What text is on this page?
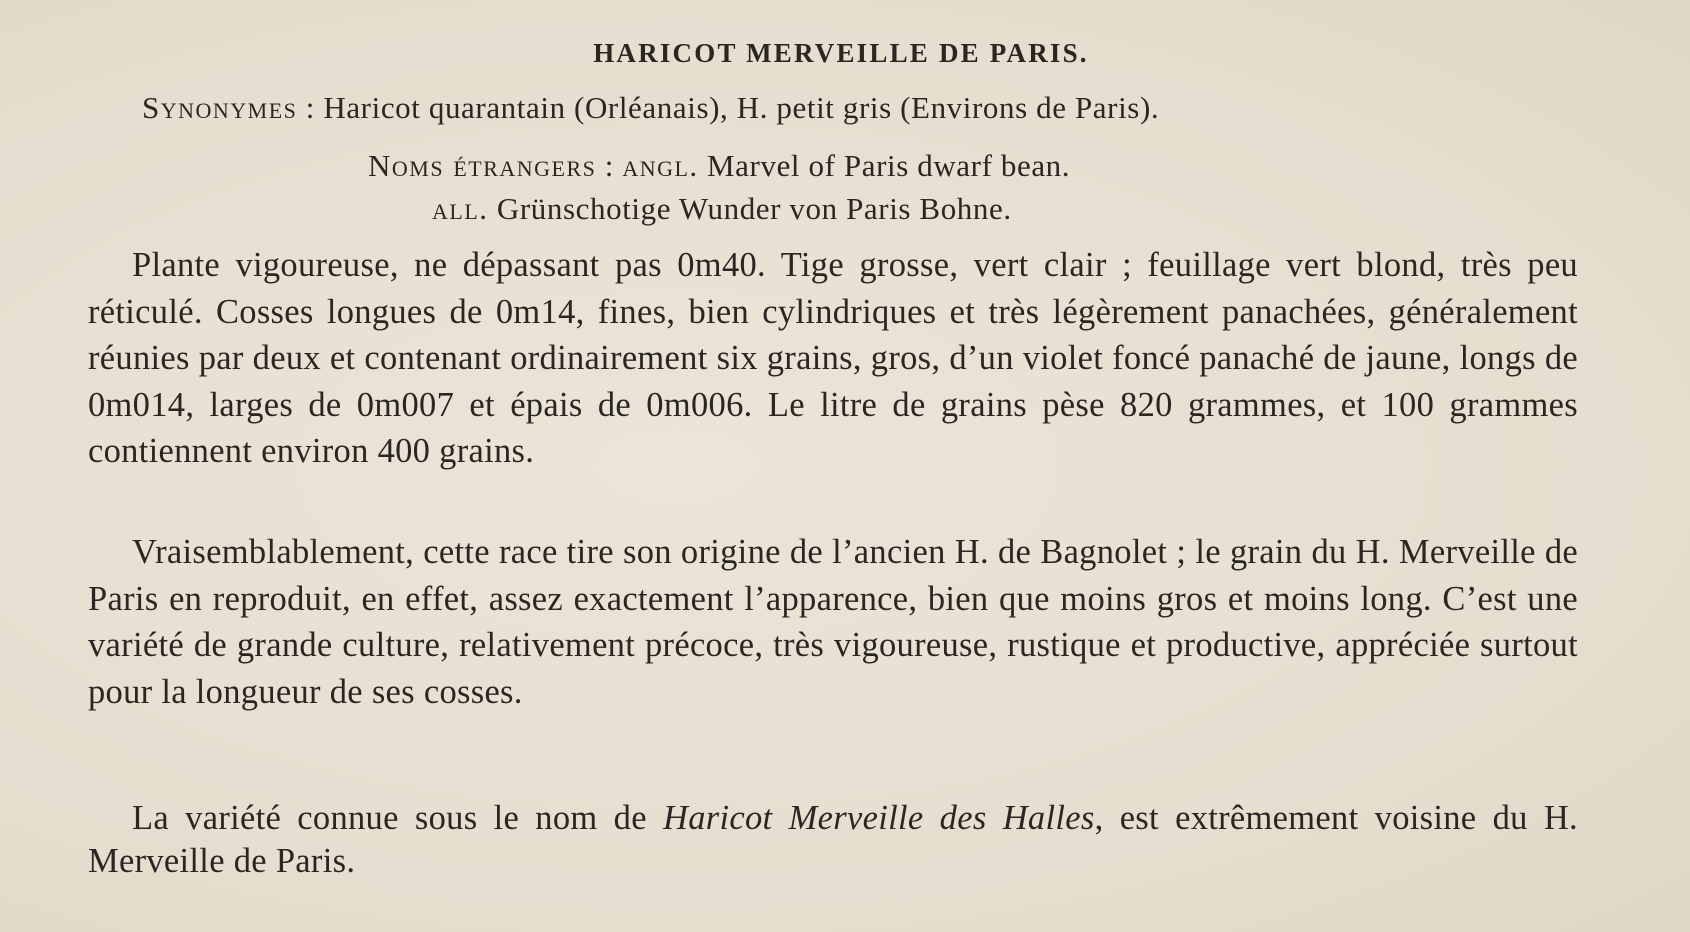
HARICOT MERVEILLE DE PARIS.
Synonymes : Haricot quarantain (Orléanais), H. petit gris (Environs de Paris).
Noms étrangers : angl. Marvel of Paris dwarf bean.
all. Grünschotige Wunder von Paris Bohne.
Plante vigoureuse, ne dépassant pas 0m40. Tige grosse, vert clair ; feuillage vert blond, très peu réticulé. Cosses longues de 0m14, fines, bien cylindriques et très légèrement panachées, généralement réunies par deux et contenant ordinairement six grains, gros, d’un violet foncé panaché de jaune, longs de 0m014, larges de 0m007 et épais de 0m006. Le litre de grains pèse 820 grammes, et 100 grammes contiennent environ 400 grains.
Vraisemblablement, cette race tire son origine de l’ancien H. de Bagnolet ; le grain du H. Merveille de Paris en reproduit, en effet, assez exactement l’apparence, bien que moins gros et moins long. C’est une variété de grande culture, relativement précoce, très vigoureuse, rustique et productive, appréciée surtout pour la longueur de ses cosses.
La variété connue sous le nom de Haricot Merveille des Halles, est extrêmement voisine du H. Merveille de Paris.
